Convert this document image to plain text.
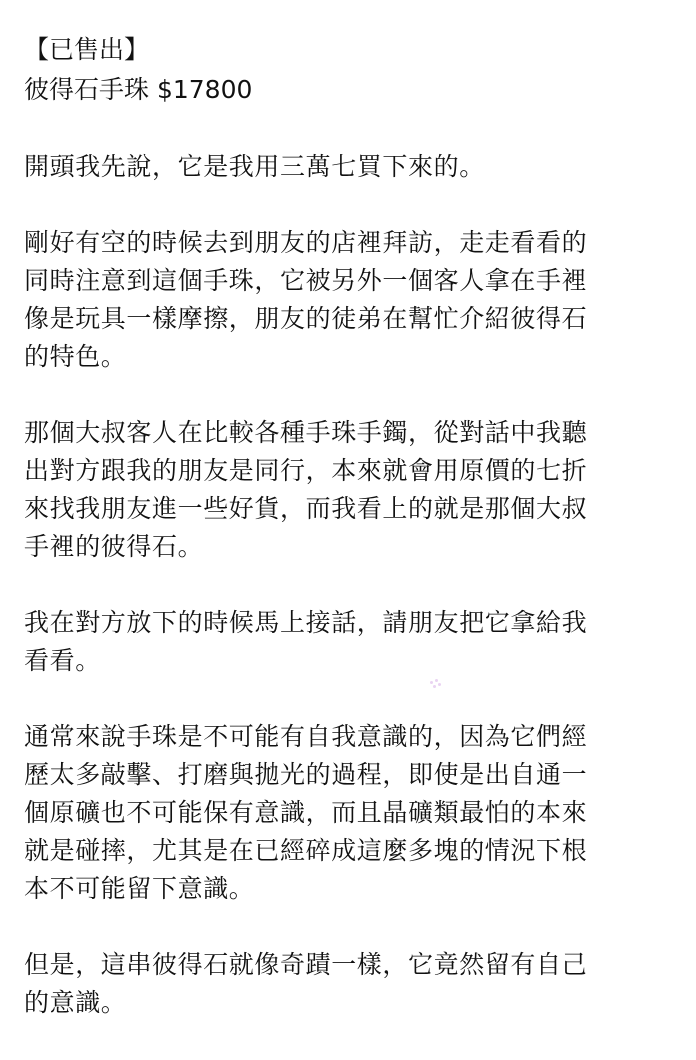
【已售出】
彼得石手珠 $17800
開頭我先說，它是我用三萬七買下來的。
剛好有空的時候去到朋友的店裡拜訪，走走看看的
同時注意到這個手珠，它被另外一個客人拿在手裡
像是玩具一樣摩擦，朋友的徒弟在幫忙介紹彼得石
的特色。
那個大叔客人在比較各種手珠手鐲，從對話中我聽
出對方跟我的朋友是同行，本來就會用原價的七折
來找我朋友進一些好貨，而我看上的就是那個大叔
手裡的彼得石。
我在對方放下的時候馬上接話，請朋友把它拿給我
看看。
通常來說手珠是不可能有自我意識的，因為它們經
歷太多敲擊、打磨與拋光的過程，即使是出自通一
個原礦也不可能保有意識，而且晶礦類最怕的本來
就是碰摔，尤其是在已經碎成這麼多塊的情況下根
本不可能留下意識。
但是，這串彼得石就像奇蹟一樣，它竟然留有自己
的意識。
